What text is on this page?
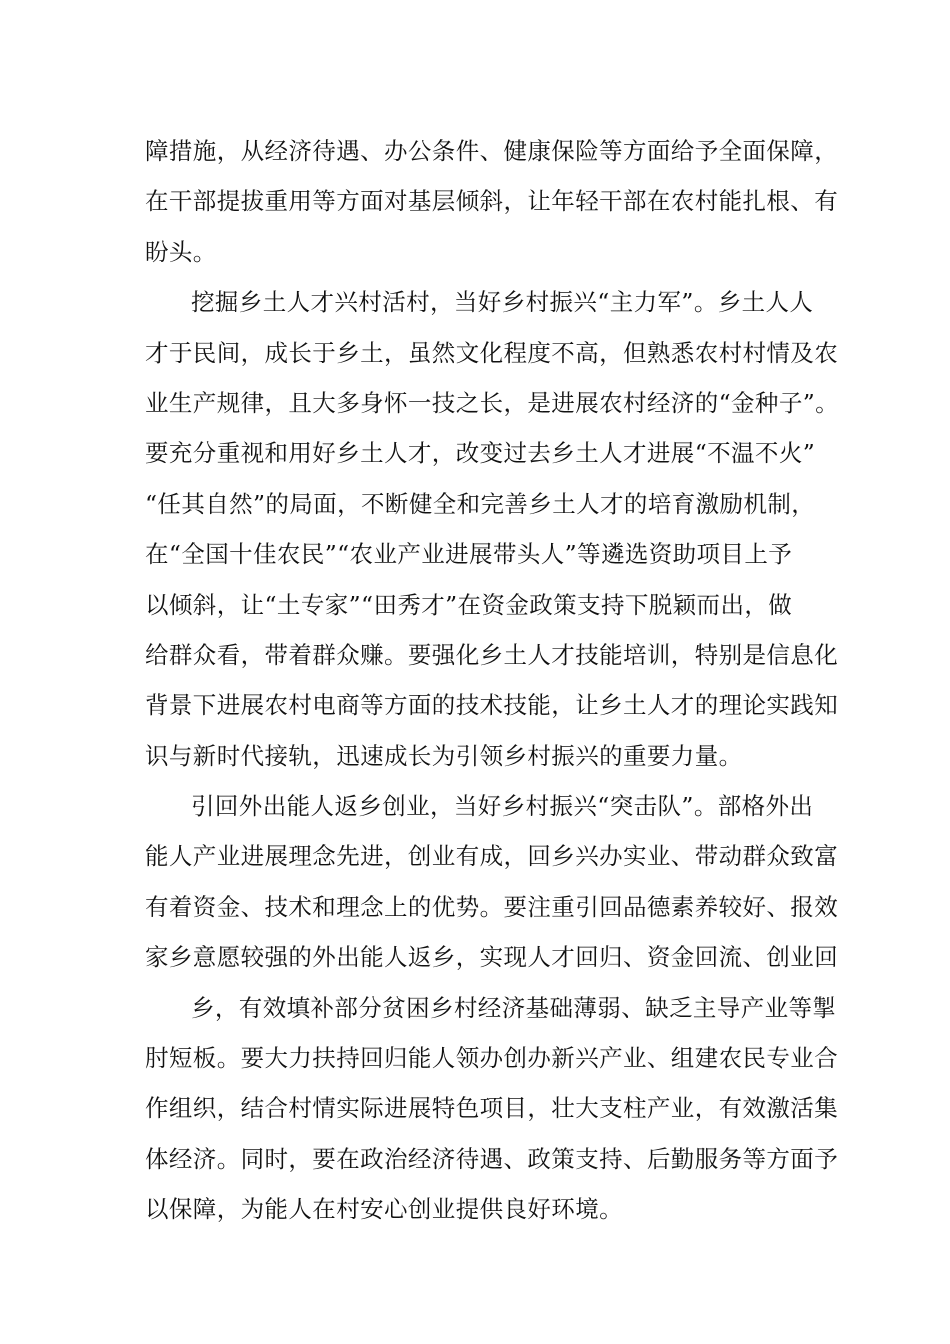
障措施，从经济待遇、办公条件、健康保险等方面给予全面保障，
在干部提拔重用等方面对基层倾斜，让年轻干部在农村能扎根、有
盼头。
挖掘乡土人才兴村活村，当好乡村振兴“主力军”。乡土人人
才于民间，成长于乡土，虽然文化程度不高，但熟悉农村村情及农
业生产规律，且大多身怀一技之长，是进展农村经济的“金种子”。
要充分重视和用好乡土人才，改变过去乡土人才进展“不温不火”
“任其自然”的局面，不断健全和完善乡土人才的培育激励机制，
在“全国十佳农民”“农业产业进展带头人”等遴选资助项目上予
以倾斜，让“土专家”“田秀才”在资金政策支持下脱颖而出，做
给群众看，带着群众赚。要强化乡土人才技能培训，特别是信息化
背景下进展农村电商等方面的技术技能，让乡土人才的理论实践知
识与新时代接轨，迅速成长为引领乡村振兴的重要力量。
引回外出能人返乡创业，当好乡村振兴“突击队”。部格外出
能人产业进展理念先进，创业有成，回乡兴办实业、带动群众致富
有着资金、技术和理念上的优势。要注重引回品德素养较好、报效
家乡意愿较强的外出能人返乡，实现人才回归、资金回流、创业回
乡，有效填补部分贫困乡村经济基础薄弱、缺乏主导产业等掣
肘短板。要大力扶持回归能人领办创办新兴产业、组建农民专业合
作组织，结合村情实际进展特色项目，壮大支柱产业，有效激活集
体经济。同时，要在政治经济待遇、政策支持、后勤服务等方面予
以保障，为能人在村安心创业提供良好环境。
